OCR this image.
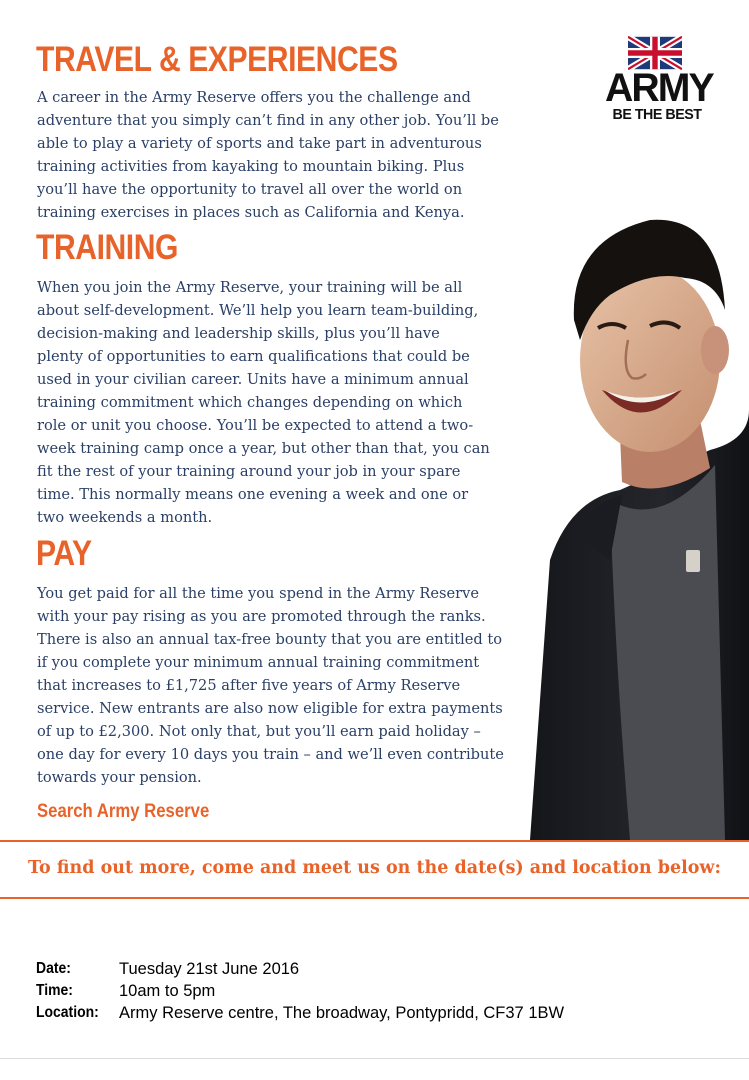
TRAVEL & EXPERIENCES
A career in the Army Reserve offers you the challenge and
adventure that you simply can’t find in any other job. You’ll be
able to play a variety of sports and take part in adventurous
training activities from kayaking to mountain biking. Plus
you’ll have the opportunity to travel all over the world on
training exercises in places such as California and Kenya.
TRAINING
When you join the Army Reserve, your training will be all
about self-development. We’ll help you learn team-building,
decision-making and leadership skills, plus you’ll have
plenty of opportunities to earn qualifications that could be
used in your civilian career. Units have a minimum annual
training commitment which changes depending on which
role or unit you choose. You’ll be expected to attend a two-
week training camp once a year, but other than that, you can
fit the rest of your training around your job in your spare
time. This normally means one evening a week and one or
two weekends a month.
PAY
You get paid for all the time you spend in the Army Reserve
with your pay rising as you are promoted through the ranks.
There is also an annual tax-free bounty that you are entitled to
if you complete your minimum annual training commitment
that increases to £1,725 after five years of Army Reserve
service. New entrants are also now eligible for extra payments
of up to £2,300. Not only that, but you’ll earn paid holiday –
one day for every 10 days you train – and we’ll even contribute
towards your pension.
Search Army Reserve
ARMY
BE THE BEST
To find out more, come and meet us on the date(s) and location below:
Date:	Tuesday 21st June 2016
Time:	10am to 5pm
Location: Army Reserve centre, The broadway, Pontypridd, CF37 1BW
